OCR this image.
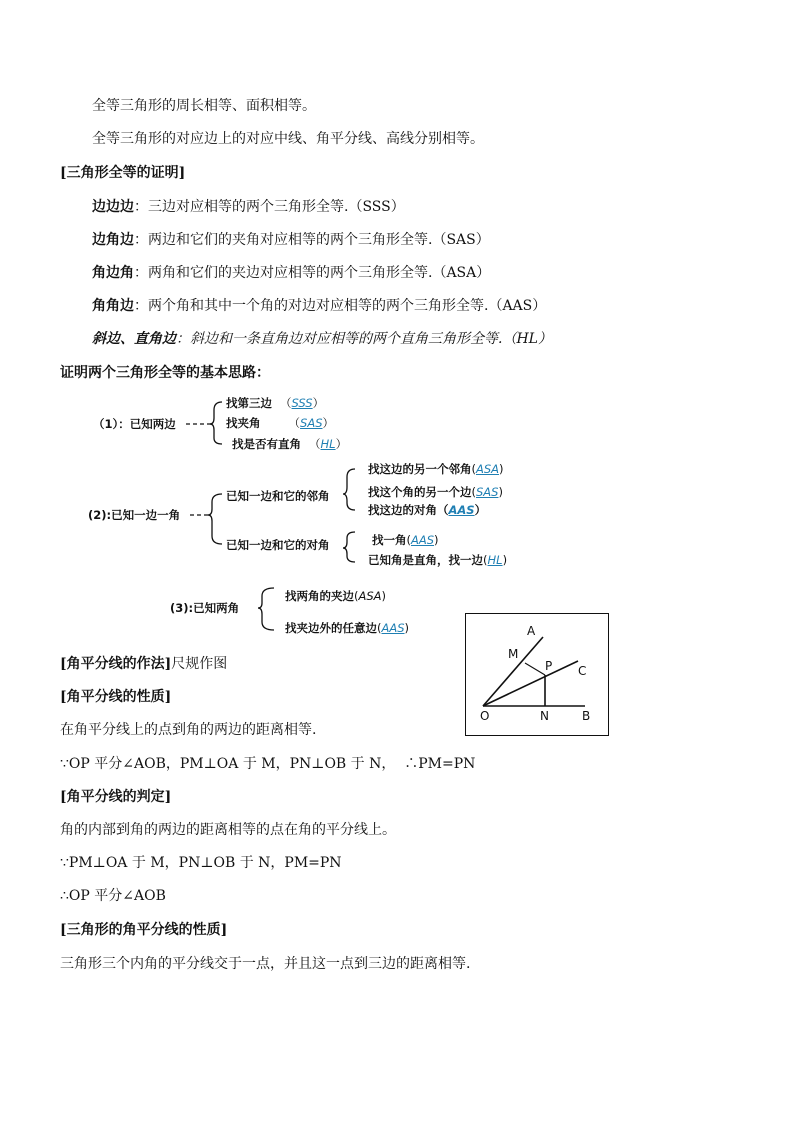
全等三角形的周长相等、面积相等。
全等三角形的对应边上的对应中线、角平分线、高线分别相等。
[三角形全等的证明]
边边边：三边对应相等的两个三角形全等.（SSS）
边角边：两边和它们的夹角对应相等的两个三角形全等.（SAS）
角边角：两角和它们的夹边对应相等的两个三角形全等.（ASA）
角角边：两个角和其中一个角的对边对应相等的两个三角形全等.（AAS）
斜边、直角边：斜边和一条直角边对应相等的两个直角三角形全等.（HL）
证明两个三角形全等的基本思路：
（1）：已知两边
找第三边 （SSS）
找夹角 （SAS）
找是否有直角 （HL）
(2):已知一边一角
已知一边和它的邻角
已知一边和它的对角
找这边的另一个邻角(ASA)
找这个角的另一个边(SAS)
找这边的对角（AAS）
找一角(AAS)
已知角是直角，找一边(HL)
(3):已知两角
找两角的夹边(ASA)
找夹边外的任意边(AAS)	A
M
P C
O	N	B
[角平分线的作法]尺规作图
[角平分线的性质]
在角平分线上的点到角的两边的距离相等.
∵OP 平分∠AOB，PM⊥OA 于 M，PN⊥OB 于 N，  ∴PM=PN
[角平分线的判定]
角的内部到角的两边的距离相等的点在角的平分线上。
∵PM⊥OA 于 M，PN⊥OB 于 N，PM=PN
∴OP 平分∠AOB
[三角形的角平分线的性质]
三角形三个内角的平分线交于一点，并且这一点到三边的距离相等.
